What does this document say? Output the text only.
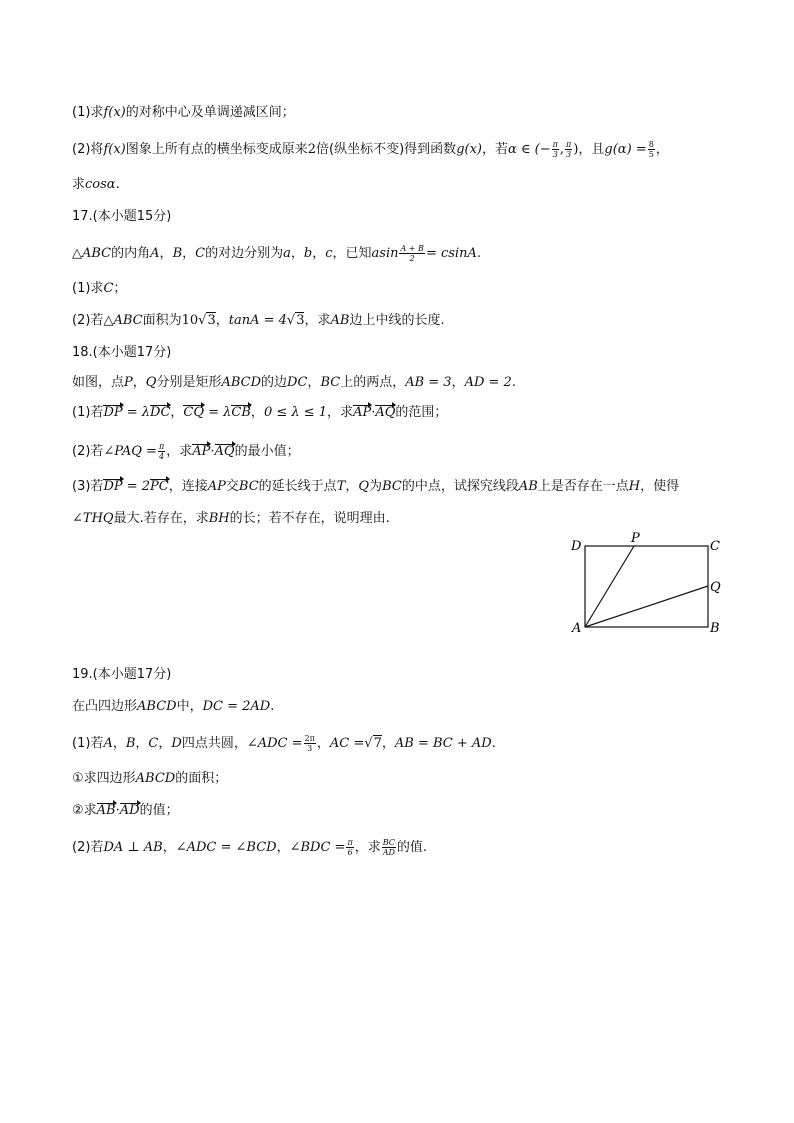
(1)求f(x)的对称中心及单调递减区间；
(2)将f(x)图象上所有点的横坐标变成原来2倍(纵坐标不变)得到函数g(x)，若α ∈ (− $\frac{\pi}{3}$ , $\frac{\pi}{3}$ )，且$g(\alpha) = \frac{8}{5}$ ，
求cosα.
17.(本小题15分)
△ABC的内角A，B，C的对边分别为a，b，c，已知asin $\frac{A + B}{2} = csinA$.
(1)求C；
(2)若△ABC面积为10√3，tanA = 4√3，求AB边上中线的长度.
18.(本小题17分)
如图，点P，Q分别是矩形ABCD的边DC，BC上的两点，AB = 3，AD = 2.
(1)若DP = λDC，CQ = λCB，0 ≤ λ ≤ 1，求AP·AQ的范围；
(2)若∠PAQ = $\frac{\pi}{4}$ ，求AP·AQ的最小值；
(3)若DP = 2PC，连接AP交BC的延长线于点T，Q为BC的中点，试探究线段AB上是否存在一点H，使得
∠THQ最大.若存在，求BH的长；若不存在，说明理由.
D
P
C
Q
A	B
19.(本小题17分)
在凸四边形ABCD中，DC = 2AD.
(1)若A，B，C，D四点共圆，∠ADC = $\frac{2\pi}{3}$ ，AC =√7，AB = BC + AD.
①求四边形ABCD的面积；
②求AB·AD的值；
(2)若DA ⊥ AB，∠ADC = ∠BCD，∠BDC = $\frac{\pi}{6}$ ，求 $\frac{BC}{AD}$ 的值.
